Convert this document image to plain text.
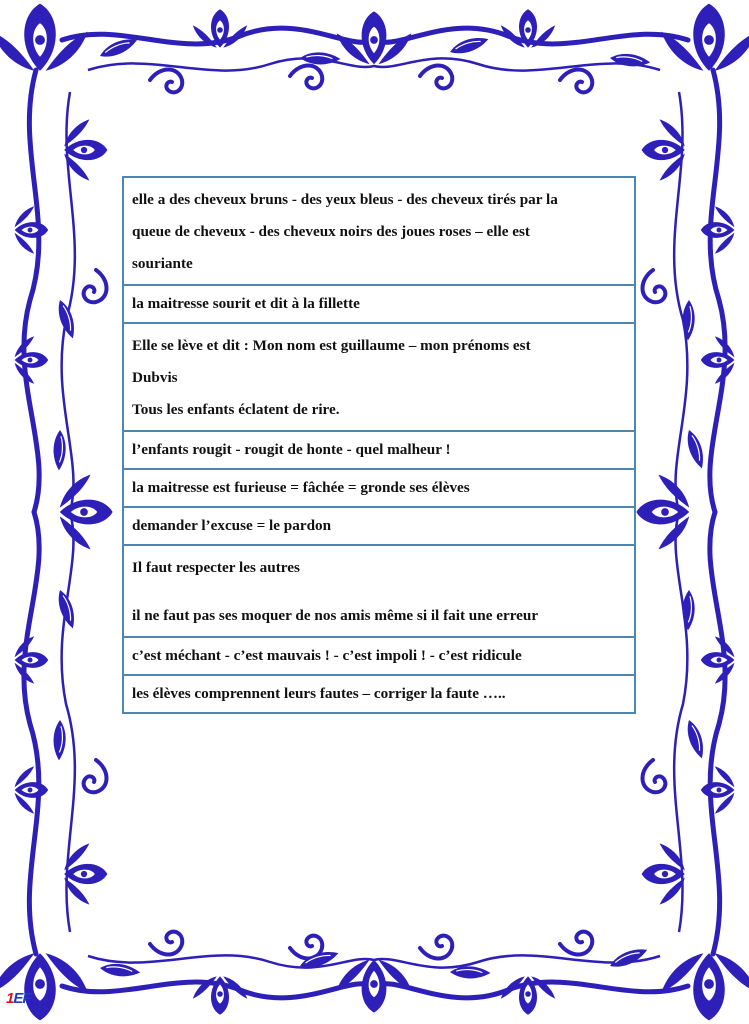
elle a des cheveux bruns - des yeux bleus - des cheveux tirés par la
queue de cheveux - des cheveux noirs des joues roses – elle est
souriante

la maitresse sourit et dit à la fillette

Elle se lève et dit : Mon nom est guillaume – mon prénoms est
Dubvis
Tous les enfants éclatent de rire.

l’enfants rougit - rougit de honte - quel malheur !

la maitresse est furieuse = fâchée = gronde ses élèves

demander l’excuse = le pardon

Il faut respecter les autres
il ne faut pas ses moquer de nos amis même si il fait une erreur

c’est méchant - c’est mauvais ! - c’est impoli ! - c’est ridicule

les élèves comprennent leurs fautes – corriger la faute …..
1EF
